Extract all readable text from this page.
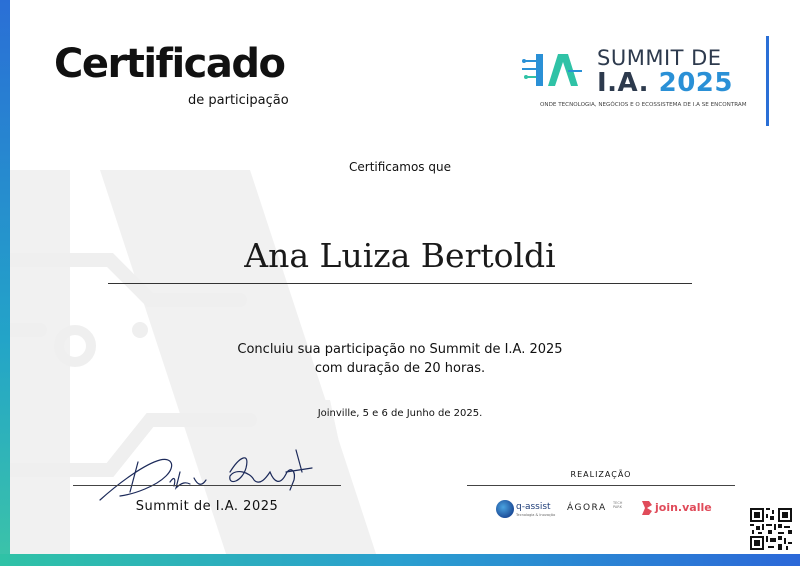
Certificado
de participação
SUMMIT DE
I.A. 2025
ONDE TECNOLOGIA, NEGÓCIOS E O ECOSSISTEMA DE I.A SE ENCONTRAM
Certificamos que
Ana Luiza Bertoldi
Concluiu sua participação no Summit de I.A. 2025
com duração de 20 horas.
Joinville, 5 e 6 de Junho de 2025.
Summit de I.A. 2025
REALIZAÇÃO
q-assist
Tecnologia & Inovação
ÁGORA TECH PARK	join.valle
